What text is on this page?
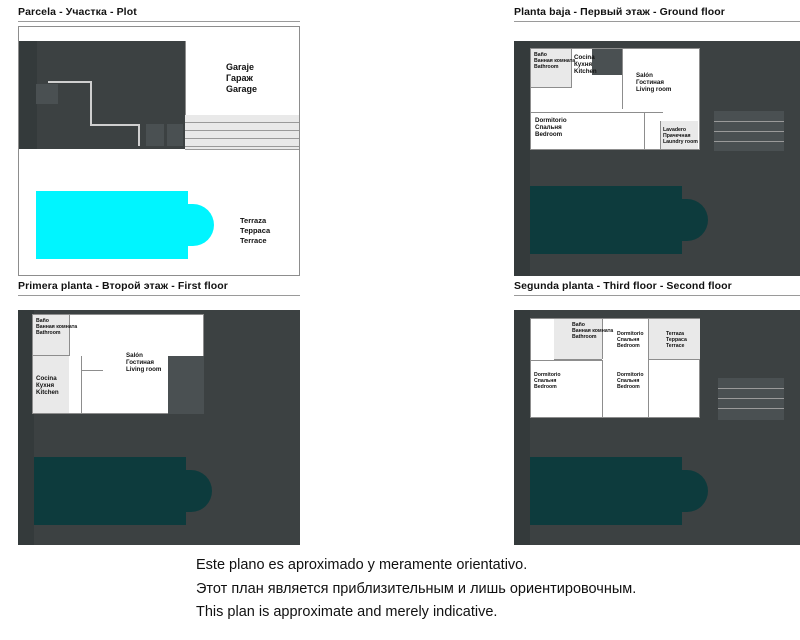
Parcela - Участка - Plot
Garaje
Гараж
Garage
Terraza
Терраса
Terrace
Planta baja - Первый этаж - Ground floor
Baño
Ванная комната
Bathroom
Cocina
Кухня
Kitchen
Salón
Гостиная
Living room
Dormitorio
Спальня
Bedroom
Lavadero
Прачечная
Laundry room
Primera planta - Второй этаж - First floor
Baño
Ванная комната
Bathroom
Salón
Гостиная
Living room
Cocina
Кухня
Kitchen
Segunda planta - Third floor - Second floor
Baño
Ванная комната
Bathroom	Dormitorio
Спальня
Bedroom
Terraza
Терраса
Terrace
Dormitorio
Спальня
Bedroom
Dormitorio
Спальня
Bedroom
Este plano es aproximado y meramente orientativo.
Этот план является приблизительным и лишь ориентировочным.
This plan is approximate and merely indicative.
